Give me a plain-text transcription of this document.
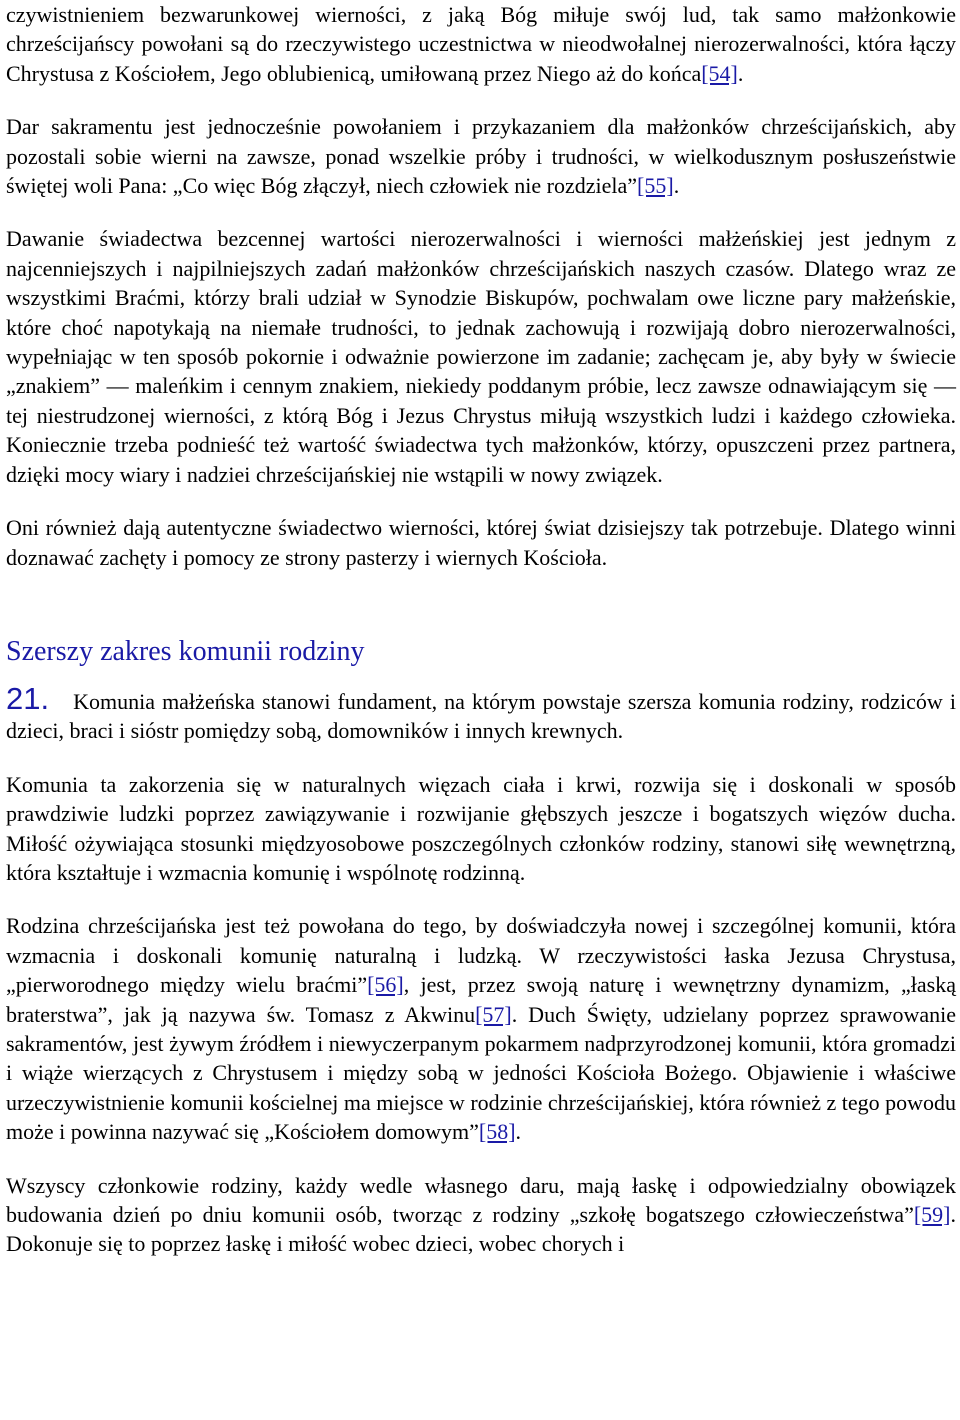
czywistnieniem bezwarunkowej wierności, z jaką Bóg miłuje swój lud, tak samo małżonkowie chrześcijańscy powołani są do rzeczywistego uczestnictwa w nieodwołalnej nierozerwalności, która łączy Chrystusa z Kościołem, Jego oblubienicą, umiłowaną przez Niego aż do końca[54].

Dar sakramentu jest jednocześnie powołaniem i przykazaniem dla małżonków chrześcijańskich, aby pozostali sobie wierni na zawsze, ponad wszelkie próby i trudności, w wielkodusznym posłuszeństwie świętej woli Pana: „Co więc Bóg złączył, niech człowiek nie rozdziela”[55].

Dawanie świadectwa bezcennej wartości nierozerwalności i wierności małżeńskiej jest jednym z najcenniejszych i najpilniejszych zadań małżonków chrześcijańskich naszych czasów. Dlatego wraz ze wszystkimi Braćmi, którzy brali udział w Synodzie Biskupów, pochwalam owe liczne pary małżeńskie, które choć napotykają na niemałe trudności, to jednak zachowują i rozwijają dobro nierozerwalności, wypełniając w ten sposób pokornie i odważnie powierzone im zadanie; zachęcam je, aby były w świecie „znakiem” — maleńkim i cennym znakiem, niekiedy poddanym próbie, lecz zawsze odnawiającym się — tej niestrudzonej wierności, z którą Bóg i Jezus Chrystus miłują wszystkich ludzi i każdego człowieka. Koniecznie trzeba podnieść też wartość świadectwa tych małżonków, którzy, opuszczeni przez partnera, dzięki mocy wiary i nadziei chrześcijańskiej nie wstąpili w nowy związek.

Oni również dają autentyczne świadectwo wierności, której świat dzisiejszy tak potrzebuje. Dlatego winni doznawać zachęty i pomocy ze strony pasterzy i wiernych Kościoła.

Szerszy zakres komunii rodziny

21. Komunia małżeńska stanowi fundament, na którym powstaje szersza komunia rodziny, rodziców i dzieci, braci i sióstr pomiędzy sobą, domowników i innych krewnych.

Komunia ta zakorzenia się w naturalnych więzach ciała i krwi, rozwija się i doskonali w sposób prawdziwie ludzki poprzez zawiązywanie i rozwijanie głębszych jeszcze i bogatszych więzów ducha. Miłość ożywiająca stosunki międzyosobowe poszczególnych członków rodziny, stanowi siłę wewnętrzną, która kształtuje i wzmacnia komunię i wspólnotę rodzinną.

Rodzina chrześcijańska jest też powołana do tego, by doświadczyła nowej i szczególnej komunii, która wzmacnia i doskonali komunię naturalną i ludzką. W rzeczywistości łaska Jezusa Chrystusa, „pierworodnego między wielu braćmi”[56], jest, przez swoją naturę i wewnętrzny dynamizm, „łaską braterstwa”, jak ją nazywa św. Tomasz z Akwinu[57]. Duch Święty, udzielany poprzez sprawowanie sakramentów, jest żywym źródłem i niewyczerpanym pokarmem nadprzyrodzonej komunii, która gromadzi i wiąże wierzących z Chrystusem i między sobą w jedności Kościoła Bożego. Objawienie i właściwe urzeczywistnienie komunii kościelnej ma miejsce w rodzinie chrześcijańskiej, która również z tego powodu może i powinna nazywać się „Kościołem domowym”[58].

Wszyscy członkowie rodziny, każdy wedle własnego daru, mają łaskę i odpowiedzialny obowiązek budowania dzień po dniu komunii osób, tworząc z rodziny „szkołę bogatszego człowieczeństwa”[59]. Dokonuje się to poprzez łaskę i miłość wobec dzieci, wobec chorych i
